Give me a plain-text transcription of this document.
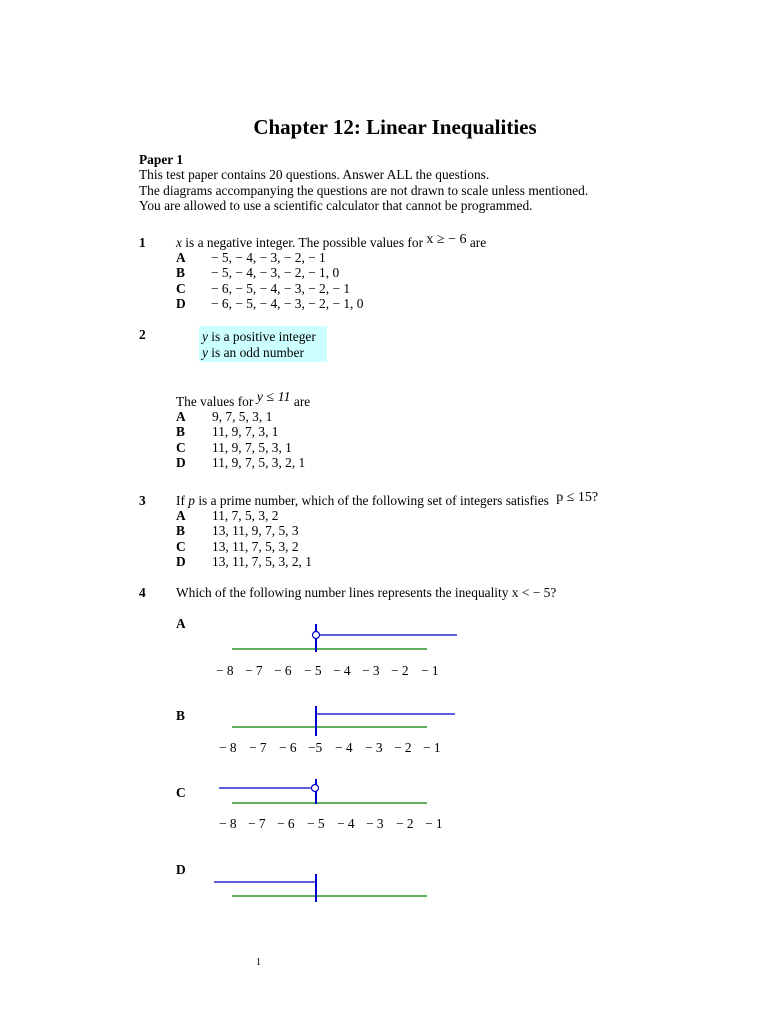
Chapter 12: Linear Inequalities
Paper 1
This test paper contains 20 questions. Answer ALL the questions.
The diagrams accompanying the questions are not drawn to scale unless mentioned.
You are allowed to use a scientific calculator that cannot be programmed.
1 x is a negative integer. The possible values for x ≥ − 6 are
A − 5, − 4, − 3, − 2, − 1
B − 5, − 4, − 3, − 2, − 1, 0
C − 6, − 5, − 4, − 3, − 2, − 1
D − 6, − 5, − 4, − 3, − 2, − 1, 0
2	y is a positive integer
y is an odd number
The values for y ≤ 11 are
A 9, 7, 5, 3, 1
B 11, 9, 7, 3, 1
C 11, 9, 7, 5, 3, 1
D 11, 9, 7, 5, 3, 2, 1
3 If p is a prime number, which of the following set of integers satisfies p ≤ 15?
A 11, 7, 5, 3, 2
B 13, 11, 9, 7, 5, 3
C 13, 11, 7, 5, 3, 2
D 13, 11, 7, 5, 3, 2, 1
4 Which of the following number lines represents the inequality x < − 5?
A
B
C
D
− 8 − 7 − 6 − 5 − 4 − 3 − 2 − 1
− 8 − 7 − 6 −5 − 4 − 3 − 2 − 1
− 8 − 7 − 6 − 5 − 4 − 3 − 2 − 1
1
